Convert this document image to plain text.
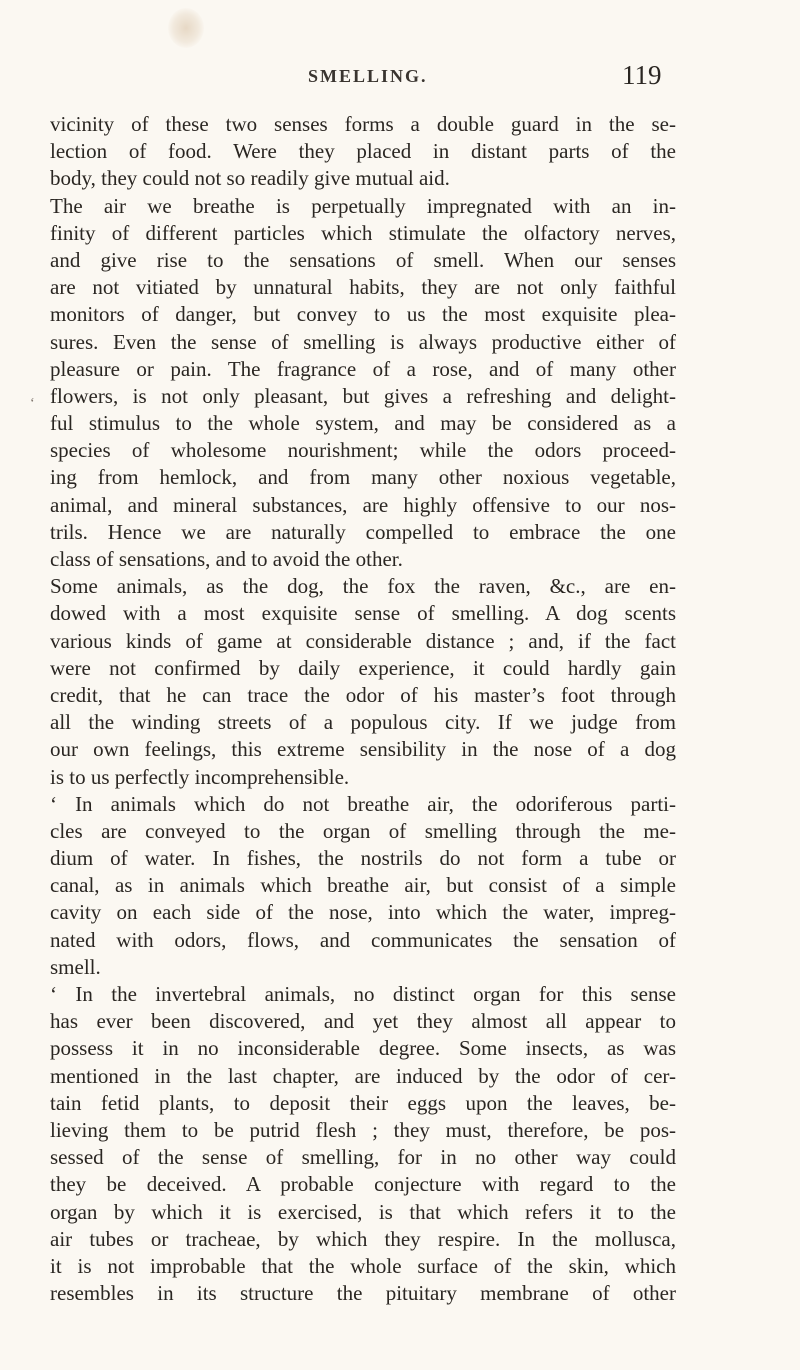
SMELLING.	119
‘
vicinity of these two senses forms a double guard in the se-
lection of food. Were they placed in distant parts of the
body, they could not so readily give mutual aid.
The air we breathe is perpetually impregnated with an in-
finity of different particles which stimulate the olfactory nerves,
and give rise to the sensations of smell. When our senses
are not vitiated by unnatural habits, they are not only faithful
monitors of danger, but convey to us the most exquisite plea-
sures. Even the sense of smelling is always productive either of
pleasure or pain. The fragrance of a rose, and of many other
flowers, is not only pleasant, but gives a refreshing and delight-
ful stimulus to the whole system, and may be considered as a
species of wholesome nourishment; while the odors proceed-
ing from hemlock, and from many other noxious vegetable,
animal, and mineral substances, are highly offensive to our nos-
trils. Hence we are naturally compelled to embrace the one
class of sensations, and to avoid the other.
Some animals, as the dog, the fox the raven, &c., are en-
dowed with a most exquisite sense of smelling. A dog scents
various kinds of game at considerable distance ; and, if the fact
were not confirmed by daily experience, it could hardly gain
credit, that he can trace the odor of his master’s foot through
all the winding streets of a populous city. If we judge from
our own feelings, this extreme sensibility in the nose of a dog
is to us perfectly incomprehensible.
‘ In animals which do not breathe air, the odoriferous parti-
cles are conveyed to the organ of smelling through the me-
dium of water. In fishes, the nostrils do not form a tube or
canal, as in animals which breathe air, but consist of a simple
cavity on each side of the nose, into which the water, impreg-
nated with odors, flows, and communicates the sensation of
smell.
‘ In the invertebral animals, no distinct organ for this sense
has ever been discovered, and yet they almost all appear to
possess it in no inconsiderable degree. Some insects, as was
mentioned in the last chapter, are induced by the odor of cer-
tain fetid plants, to deposit their eggs upon the leaves, be-
lieving them to be putrid flesh ; they must, therefore, be pos-
sessed of the sense of smelling, for in no other way could
they be deceived. A probable conjecture with regard to the
organ by which it is exercised, is that which refers it to the
air tubes or tracheae, by which they respire. In the mollusca,
it is not improbable that the whole surface of the skin, which
resembles in its structure the pituitary membrane of other
